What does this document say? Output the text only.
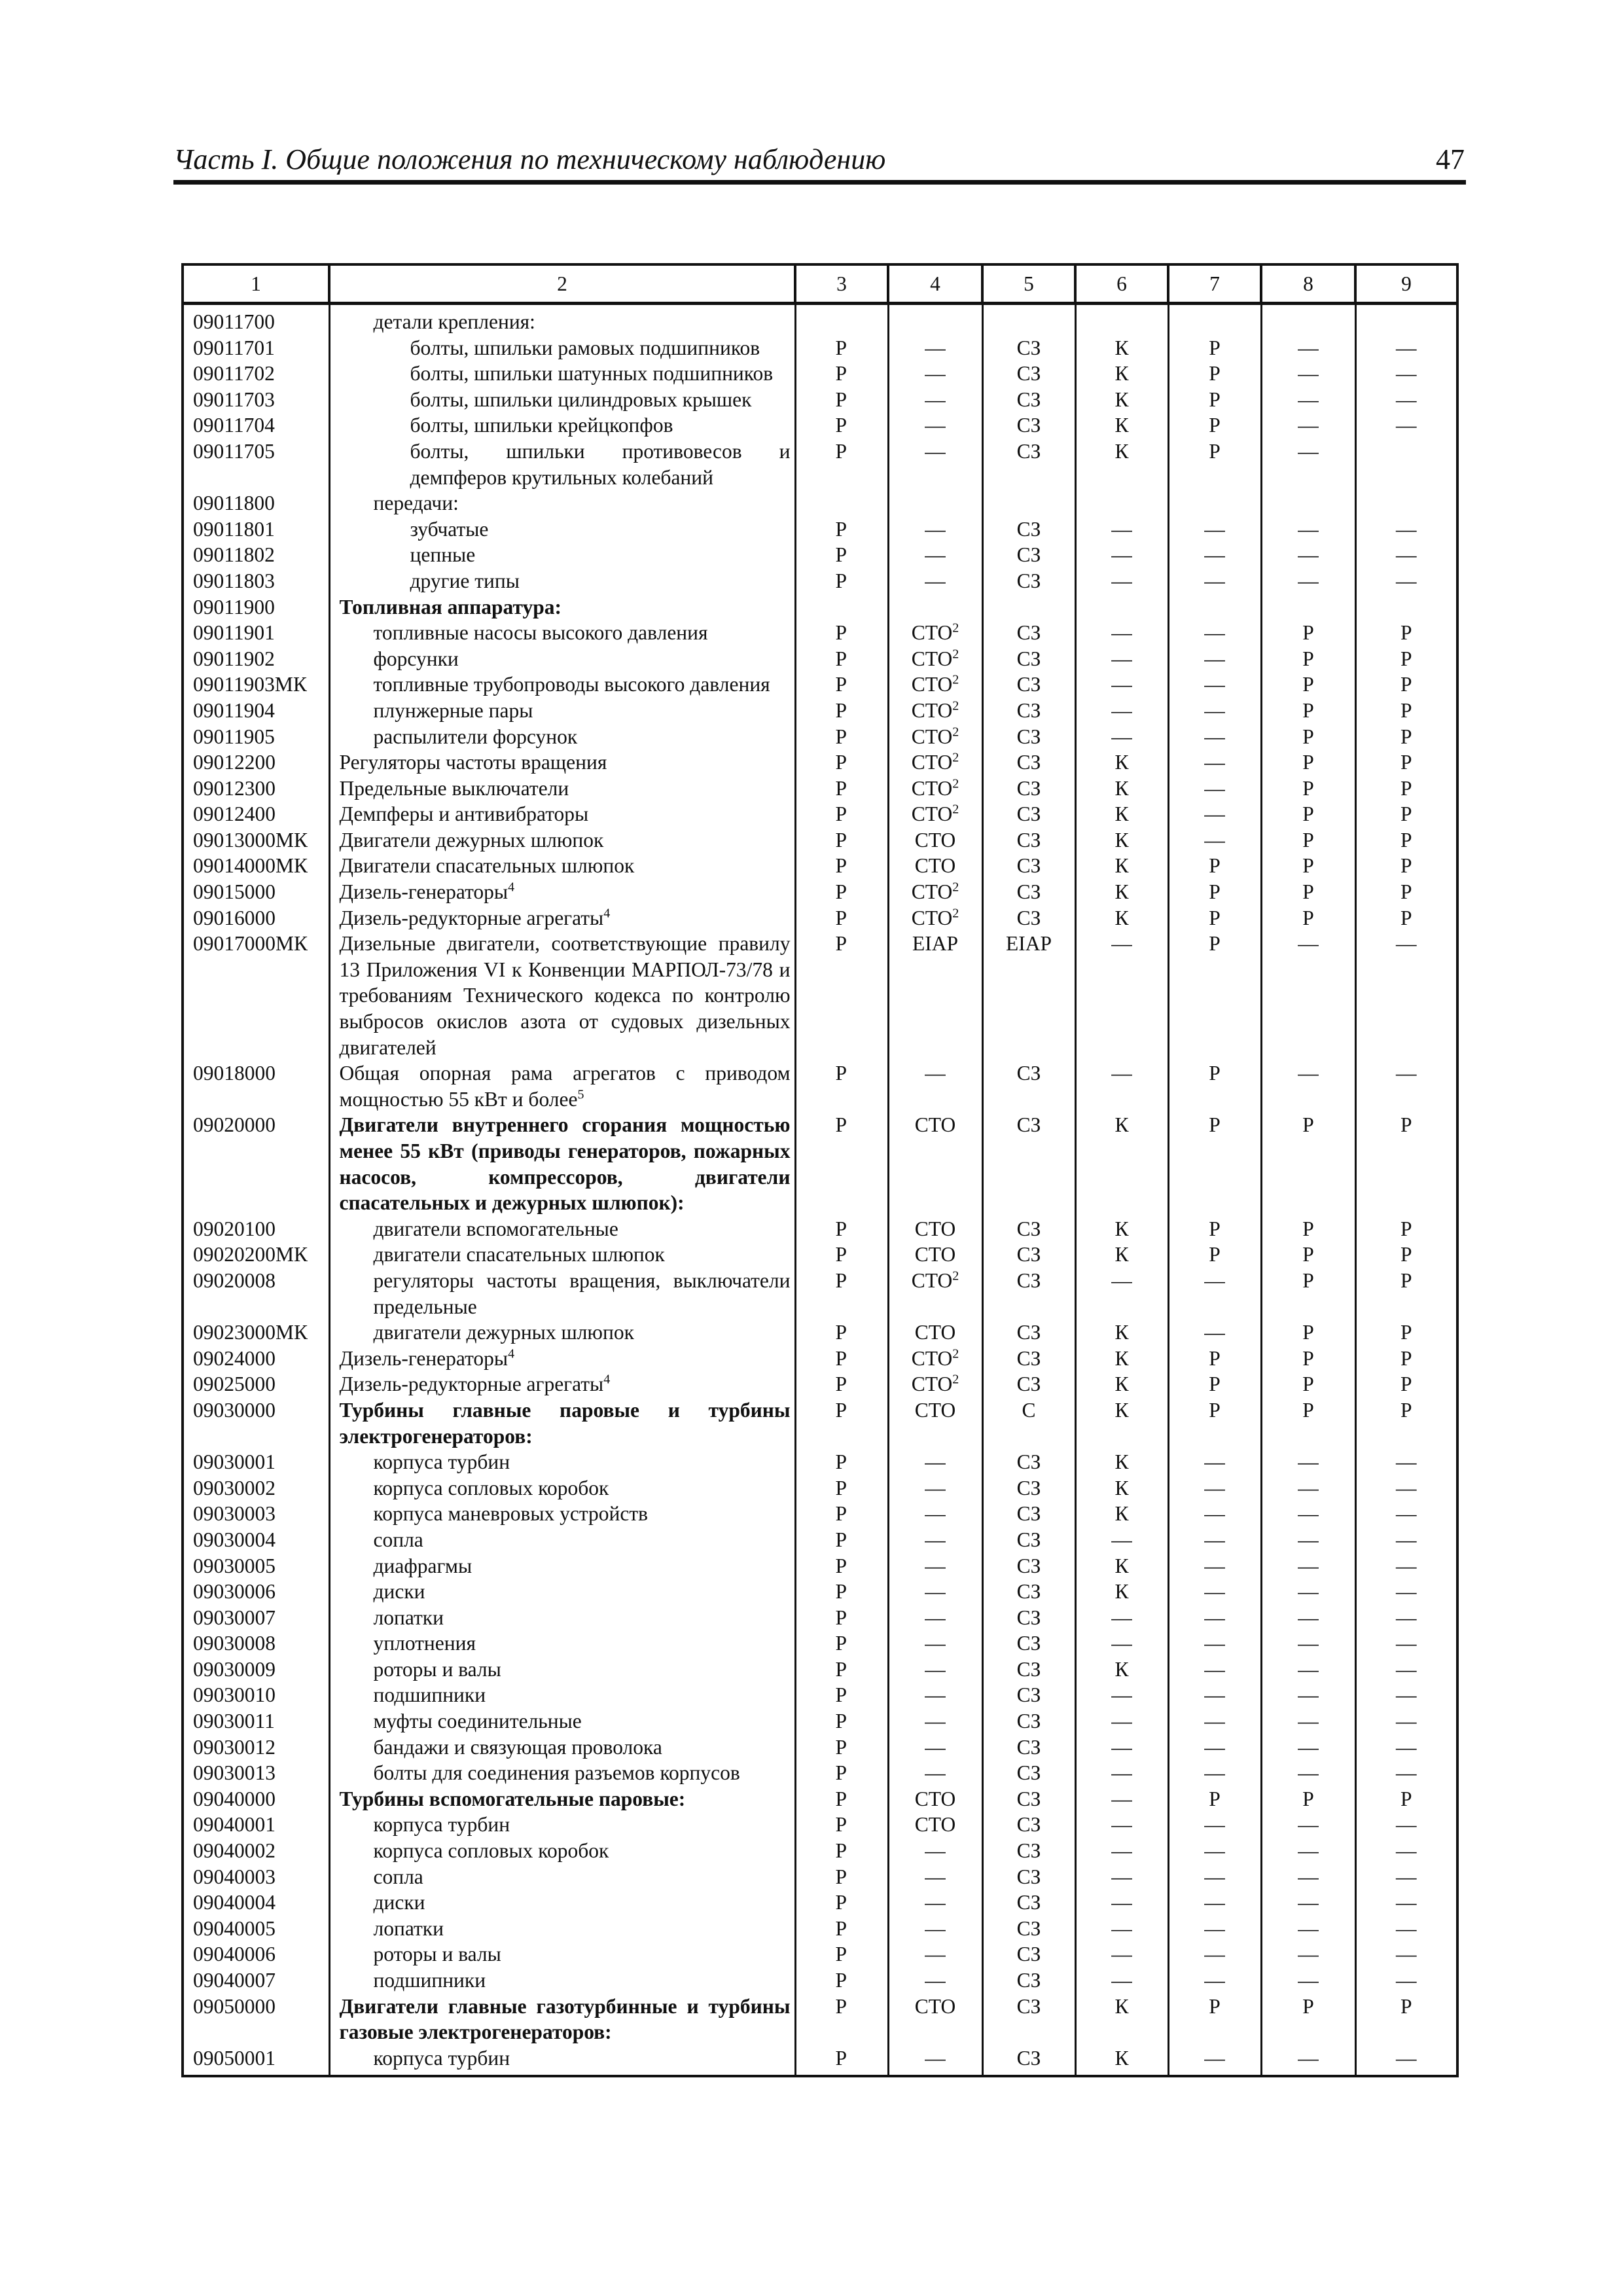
Часть I. Общие положения по техническому наблюдению	47
1	2	3	4	5	6	7	8	9
09011700	детали крепления:							
09011701	болты, шпильки рамовых подшипников	Р	—	СЗ	К	Р	—	—
09011702	болты, шпильки шатунных подшипников	Р	—	СЗ	К	Р	—	—
09011703	болты, шпильки цилиндровых крышек	Р	—	СЗ	К	Р	—	—
09011704	болты, шпильки крейцкопфов	Р	—	СЗ	К	Р	—	—
09011705	болты, шпильки противовесов и демпферов крутильных колебаний	Р	—	СЗ	К	Р	—	
09011800	передачи:							
09011801	зубчатые	Р	—	СЗ	—	—	—	—
09011802	цепные	Р	—	СЗ	—	—	—	—
09011803	другие типы	Р	—	СЗ	—	—	—	—
09011900	Топливная аппаратура:							
09011901	топливные насосы высокого давления	Р	СТО$^2$	СЗ	—	—	Р	Р
09011902	форсунки	Р	СТО$^2$	СЗ	—	—	Р	Р
09011903МК	топливные трубопроводы высокого давления	Р	СТО$^2$	СЗ	—	—	Р	Р
09011904	плунжерные пары	Р	СТО$^2$	СЗ	—	—	Р	Р
09011905	распылители форсунок	Р	СТО$^2$	СЗ	—	—	Р	Р
09012200	Регуляторы частоты вращения	Р	СТО$^2$	СЗ	К	—	Р	Р
09012300	Предельные выключатели	Р	СТО$^2$	СЗ	К	—	Р	Р
09012400	Демпферы и антивибраторы	Р	СТО$^2$	СЗ	К	—	Р	Р
09013000МК	Двигатели дежурных шлюпок	Р	СТО	СЗ	К	—	Р	Р
09014000МК	Двигатели спасательных шлюпок	Р	СТО	СЗ	К	Р	Р	Р
09015000	Дизель-генераторы$^4$	Р	СТО$^2$	СЗ	К	Р	Р	Р
09016000	Дизель-редукторные агрегаты$^4$	Р	СТО$^2$	СЗ	К	Р	Р	Р
09017000МК	Дизельные двигатели, соответствующие правилу 13 Приложения VI к Конвенции МАРПОЛ-73/78 и требованиям Технического кодекса по контролю выбросов окислов азота от судовых дизельных двигателей	Р	EIAP	EIAP	—	Р	—	—
09018000	Общая опорная рама агрегатов с приводом мощностью 55 кВт и более$^5$	Р	—	СЗ	—	Р	—	—
09020000	Двигатели внутреннего сгорания мощностью менее 55 кВт (приводы генераторов, пожарных насосов, компрессоров, двигатели спасательных и дежурных шлюпок):	Р	СТО	СЗ	К	Р	Р	Р
09020100	двигатели вспомогательные	Р	СТО	СЗ	К	Р	Р	Р
09020200МК	двигатели спасательных шлюпок	Р	СТО	СЗ	К	Р	Р	Р
09020008	регуляторы частоты вращения, выключатели предельные	Р	СТО$^2$	СЗ	—	—	Р	Р
09023000МК	двигатели дежурных шлюпок	Р	СТО	СЗ	К	—	Р	Р
09024000	Дизель-генераторы$^4$	Р	СТО$^2$	СЗ	К	Р	Р	Р
09025000	Дизель-редукторные агрегаты$^4$	Р	СТО$^2$	СЗ	К	Р	Р	Р
09030000	Турбины главные паровые и турбины электрогенераторов:	Р	СТО	С	К	Р	Р	Р
09030001	корпуса турбин	Р	—	СЗ	К	—	—	—
09030002	корпуса сопловых коробок	Р	—	СЗ	К	—	—	—
09030003	корпуса маневровых устройств	Р	—	СЗ	К	—	—	—
09030004	сопла	Р	—	СЗ	—	—	—	—
09030005	диафрагмы	Р	—	СЗ	К	—	—	—
09030006	диски	Р	—	СЗ	К	—	—	—
09030007	лопатки	Р	—	СЗ	—	—	—	—
09030008	уплотнения	Р	—	СЗ	—	—	—	—
09030009	роторы и валы	Р	—	СЗ	К	—	—	—
09030010	подшипники	Р	—	СЗ	—	—	—	—
09030011	муфты соединительные	Р	—	СЗ	—	—	—	—
09030012	бандажи и связующая проволока	Р	—	СЗ	—	—	—	—
09030013	болты для соединения разъемов корпусов	Р	—	СЗ	—	—	—	—
09040000	Турбины вспомогательные паровые:	Р	СТО	СЗ	—	Р	Р	Р
09040001	корпуса турбин	Р	СТО	СЗ	—	—	—	—
09040002	корпуса сопловых коробок	Р	—	СЗ	—	—	—	—
09040003	сопла	Р	—	СЗ	—	—	—	—
09040004	диски	Р	—	СЗ	—	—	—	—
09040005	лопатки	Р	—	СЗ	—	—	—	—
09040006	роторы и валы	Р	—	СЗ	—	—	—	—
09040007	подшипники	Р	—	СЗ	—	—	—	—
09050000	Двигатели главные газотурбинные и турбины газовые электрогенераторов:	Р	СТО	СЗ	К	Р	Р	Р
09050001	корпуса турбин	Р	—	СЗ	К	—	—	—
